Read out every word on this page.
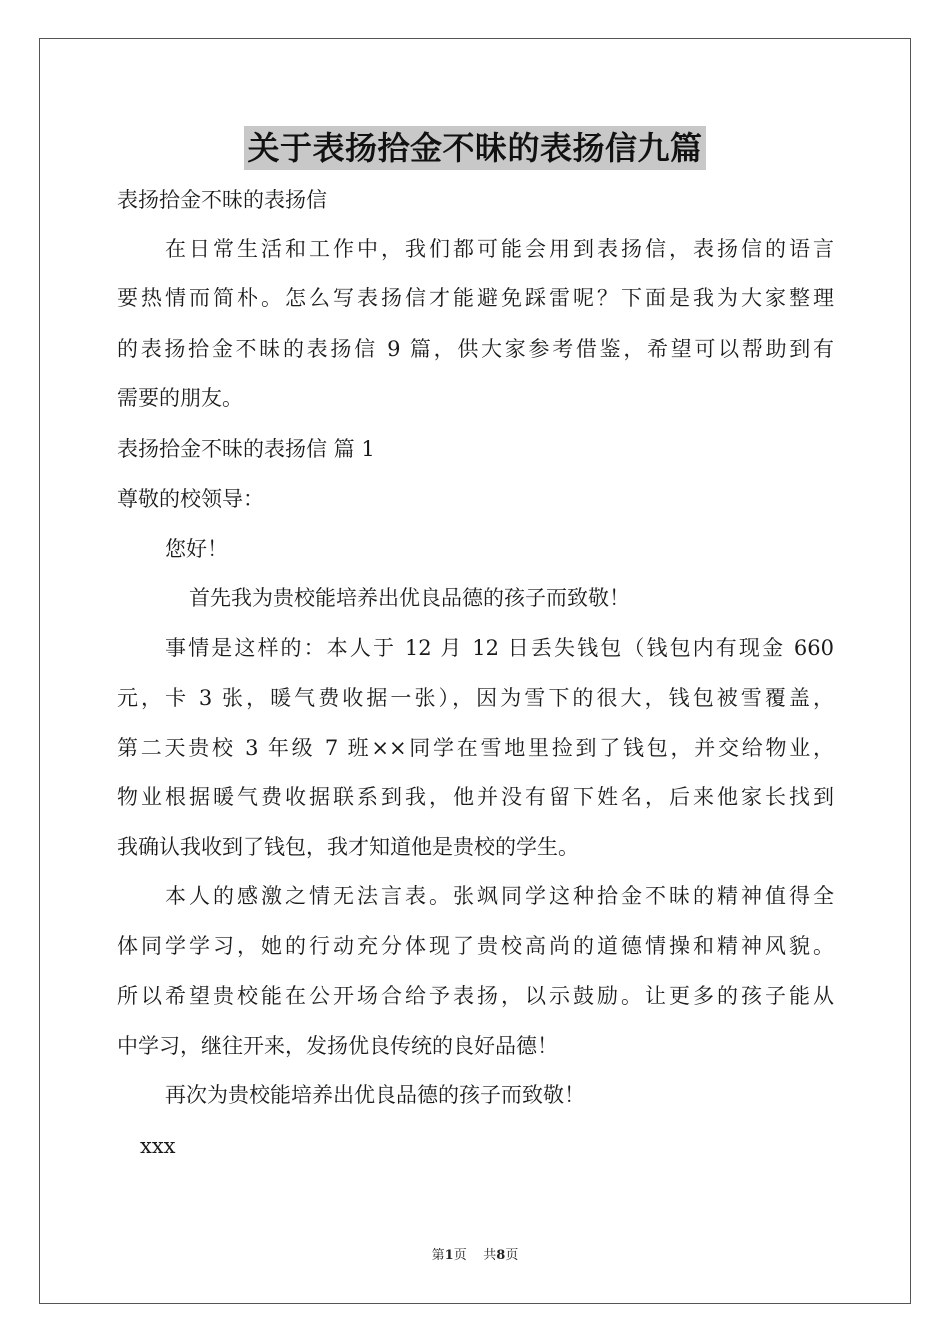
关于表扬拾金不昧的表扬信九篇
表扬拾金不昧的表扬信
在日常生活和工作中，我们都可能会用到表扬信，表扬信的语言
要热情而简朴。怎么写表扬信才能避免踩雷呢？下面是我为大家整理
的表扬拾金不昧的表扬信 9 篇，供大家参考借鉴，希望可以帮助到有
需要的朋友。
表扬拾金不昧的表扬信 篇 1
尊敬的校领导：
您好！
首先我为贵校能培养出优良品德的孩子而致敬！
事情是这样的：本人于 12 月 12 日丢失钱包（钱包内有现金 660
元，卡 3 张，暖气费收据一张），因为雪下的很大，钱包被雪覆盖，
第二天贵校 3 年级 7 班××同学在雪地里捡到了钱包，并交给物业，
物业根据暖气费收据联系到我，他并没有留下姓名，后来他家长找到
我确认我收到了钱包，我才知道他是贵校的学生。
本人的感激之情无法言表。张飒同学这种拾金不昧的精神值得全
体同学学习，她的行动充分体现了贵校高尚的道德情操和精神风貌。
所以希望贵校能在公开场合给予表扬，以示鼓励。让更多的孩子能从
中学习，继往开来，发扬优良传统的良好品德！
再次为贵校能培养出优良品德的孩子而致敬！
xxx
第1页 共8页
